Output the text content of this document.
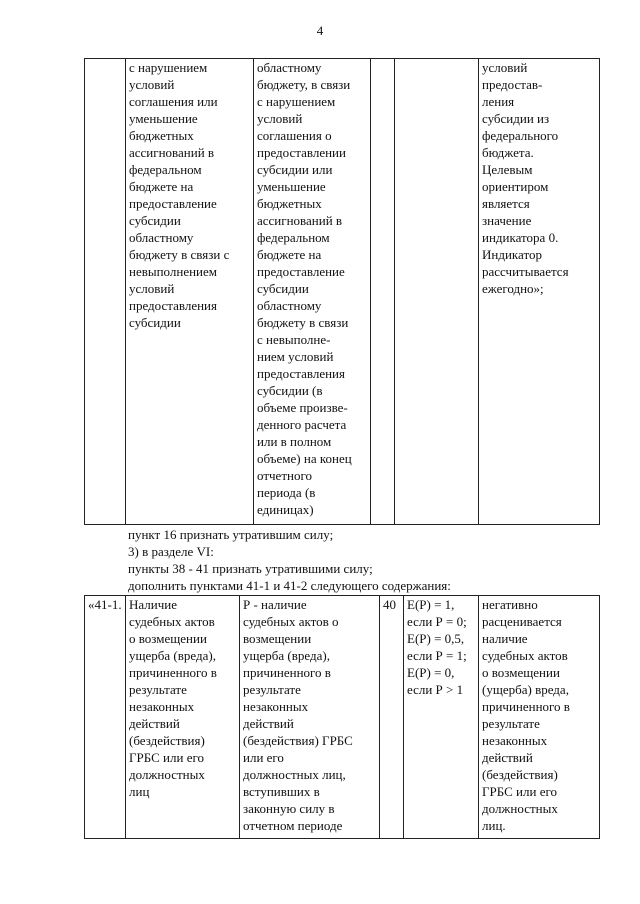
4
	с нарушением
условий
соглашения или
уменьшение
бюджетных
ассигнований в
федеральном
бюджете на
предоставление
субсидии
областному
бюджету в связи с
невыполнением
условий
предоставления
субсидии	областному
бюджету, в связи
с нарушением
условий
соглашения о
предоставлении
субсидии или
уменьшение
бюджетных
ассигнований в
федеральном
бюджете на
предоставление
субсидии
областному
бюджету в связи
с невыполне-
нием условий
предоставления
субсидии (в
объеме произве-
денного расчета
или в полном
объеме) на конец
отчетного
периода (в
единицах)			условий
предостав-
ления
субсидии из
федерального
бюджета.
Целевым
ориентиром
является
значение
индикатора 0.
Индикатор
рассчитывается
ежегодно»;
пункт 16 признать утратившим силу;
3) в разделе VI:
пункты 38 - 41 признать утратившими силу;
дополнить пунктами 41-1 и 41-2 следующего содержания:
«41-1.	Наличие
судебных актов
о возмещении
ущерба (вреда),
причиненного в
результате
незаконных
действий
(бездействия)
ГРБС или его
должностных
лиц	Р - наличие
судебных актов о
возмещении
ущерба (вреда),
причиненного в
результате
незаконных
действий
(бездействия) ГРБС
или его
должностных лиц,
вступивших в
законную силу в
отчетном периоде	40	Е(Р) = 1,
если Р = 0;
Е(Р) = 0,5,
если Р = 1;
Е(Р) = 0,
если Р > 1	негативно
расценивается
наличие
судебных актов
о возмещении
(ущерба) вреда,
причиненного в
результате
незаконных
действий
(бездействия)
ГРБС или его
должностных
лиц.
